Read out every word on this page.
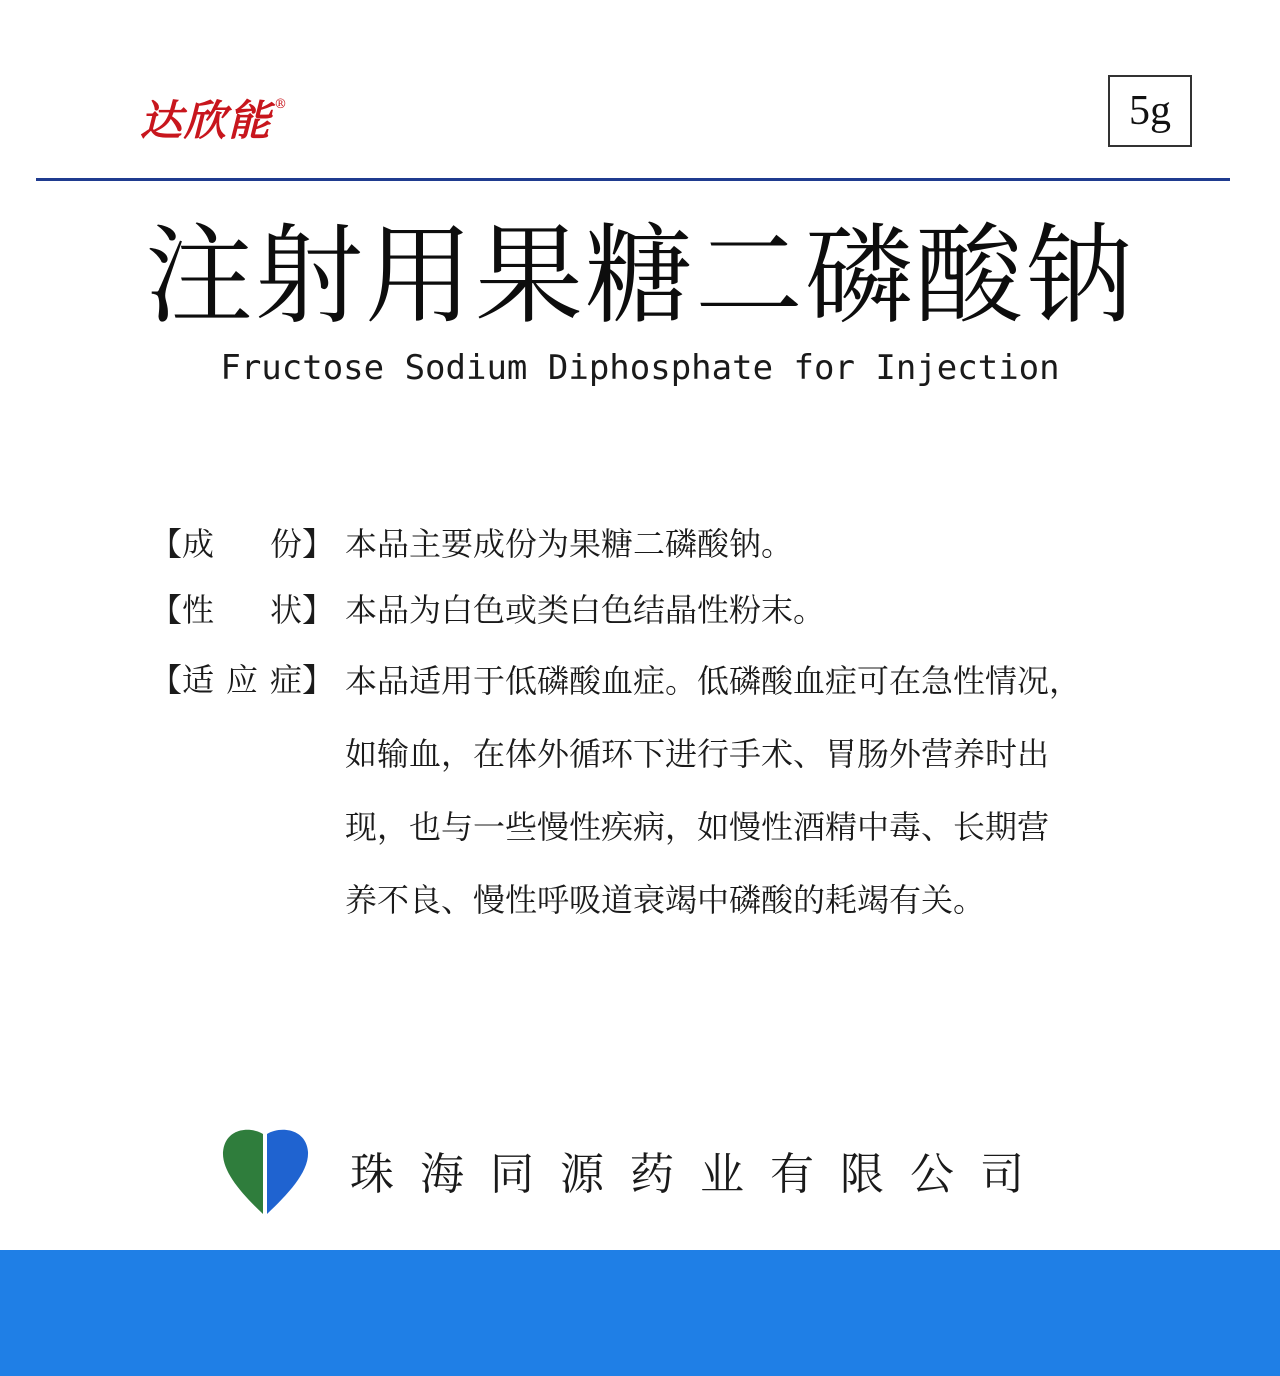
达欣能 ®	5g
注射用果糖二磷酸钠
Fructose Sodium Diphosphate for Injection
【成份】 本品主要成份为果糖二磷酸钠。
【性状】 本品为白色或类白色结晶性粉末。
【适应症】 本品适用于低磷酸血症。低磷酸血症可在急性情况，
如输血，在体外循环下进行手术、胃肠外营养时出
现，也与一些慢性疾病，如慢性酒精中毒、长期营
养不良、慢性呼吸道衰竭中磷酸的耗竭有关。
珠海同源药业有限公司
